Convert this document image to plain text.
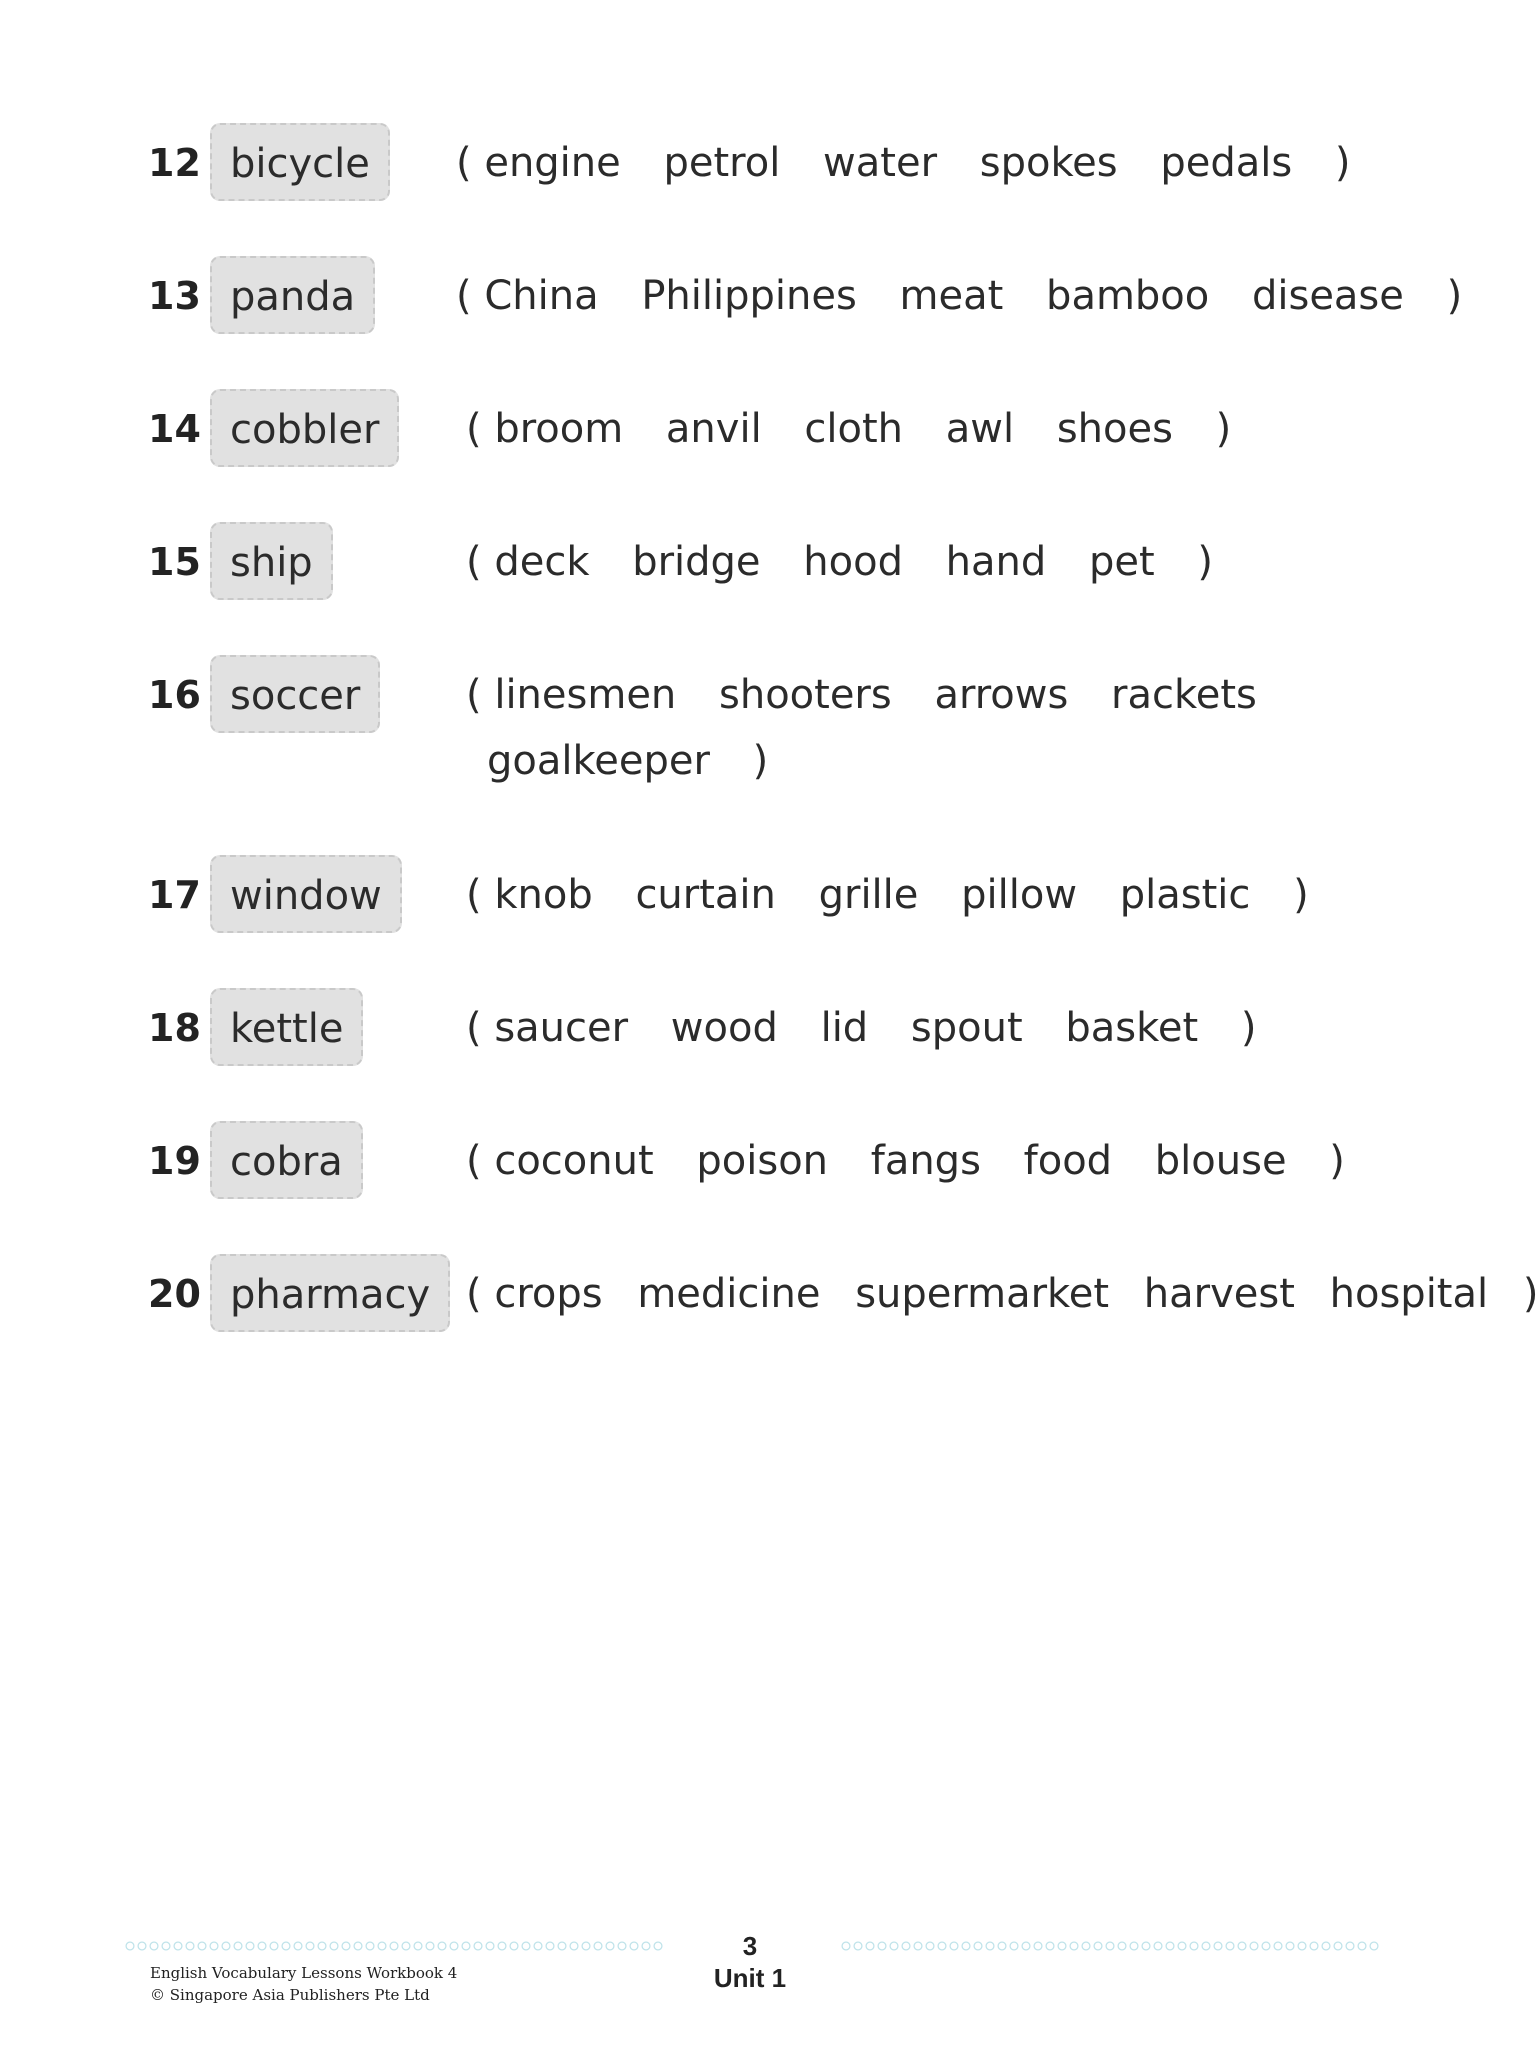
12 bicycle	( engine petrol water spokes pedals )
13 panda	( China Philippines meat bamboo disease )
14 cobbler	( broom anvil cloth awl shoes )
15 ship	( deck bridge hood hand pet )
16 soccer	( linesmen shooters arrows rackets
goalkeeper )
17 window	( knob curtain grille pillow plastic )
18 kettle	( saucer wood lid spout basket )
19 cobra	( coconut poison fangs food blouse )
20 pharmacy ( crops medicine supermarket harvest hospital )
English Vocabulary Lessons Workbook 4
© Singapore Asia Publishers Pte Ltd
3
Unit 1
